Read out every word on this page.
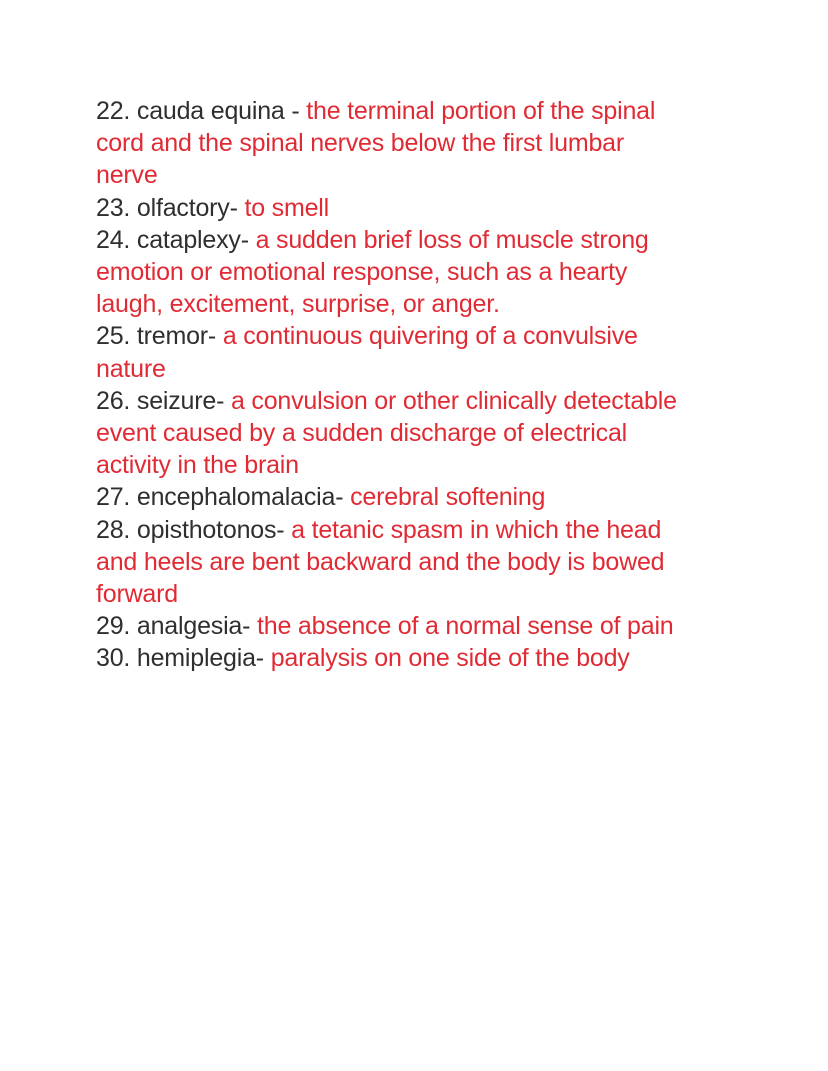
22. cauda equina - the terminal portion of the spinal
cord and the spinal nerves below the first lumbar
nerve
23. olfactory- to smell
24. cataplexy- a sudden brief loss of muscle strong
emotion or emotional response, such as a hearty
laugh, excitement, surprise, or anger.
25. tremor- a continuous quivering of a convulsive
nature
26. seizure- a convulsion or other clinically detectable
event caused by a sudden discharge of electrical
activity in the brain
27. encephalomalacia- cerebral softening
28. opisthotonos- a tetanic spasm in which the head
and heels are bent backward and the body is bowed
forward
29. analgesia- the absence of a normal sense of pain
30. hemiplegia- paralysis on one side of the body
